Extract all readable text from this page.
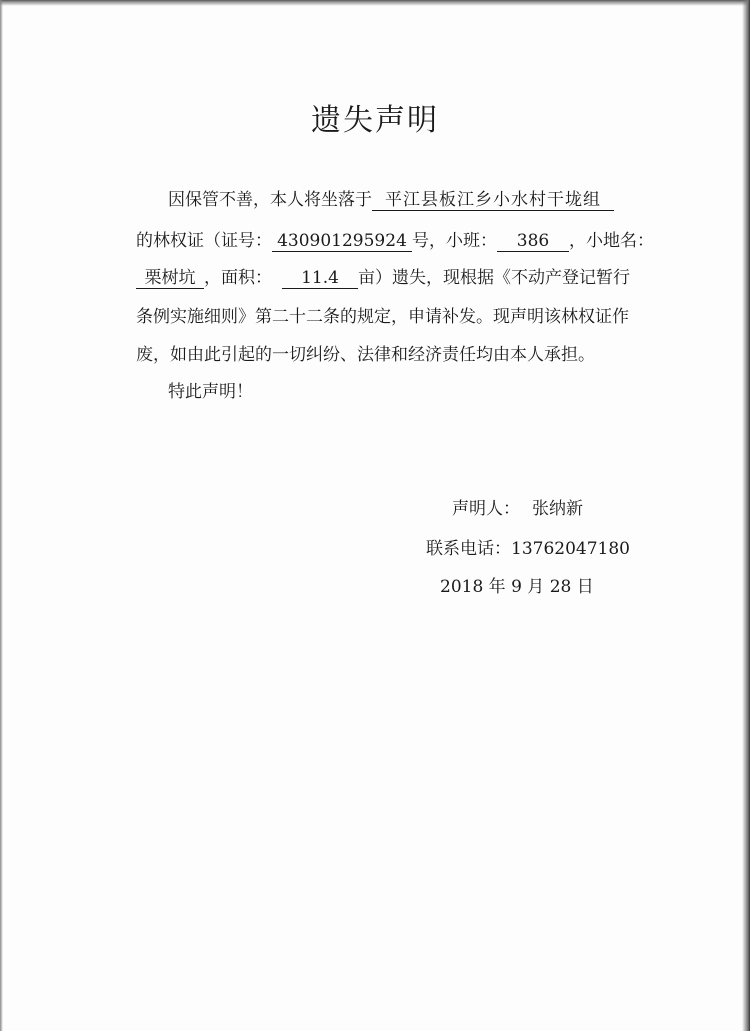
遗失声明
因保管不善，本人将坐落于 平江县板江乡小水村干垅组
的林权证（证号： 430901295924 号，小班： 386 ，小地名：
栗树坑 ，面积： 11.4 亩）遗失，现根据《不动产登记暂行
条例实施细则》第二十二条的规定，申请补发。现声明该林权证作
废，如由此引起的一切纠纷、法律和经济责任均由本人承担。
特此声明！
声明人： 张纳新
联系电话：13762047180
2018 年 9 月 28 日
